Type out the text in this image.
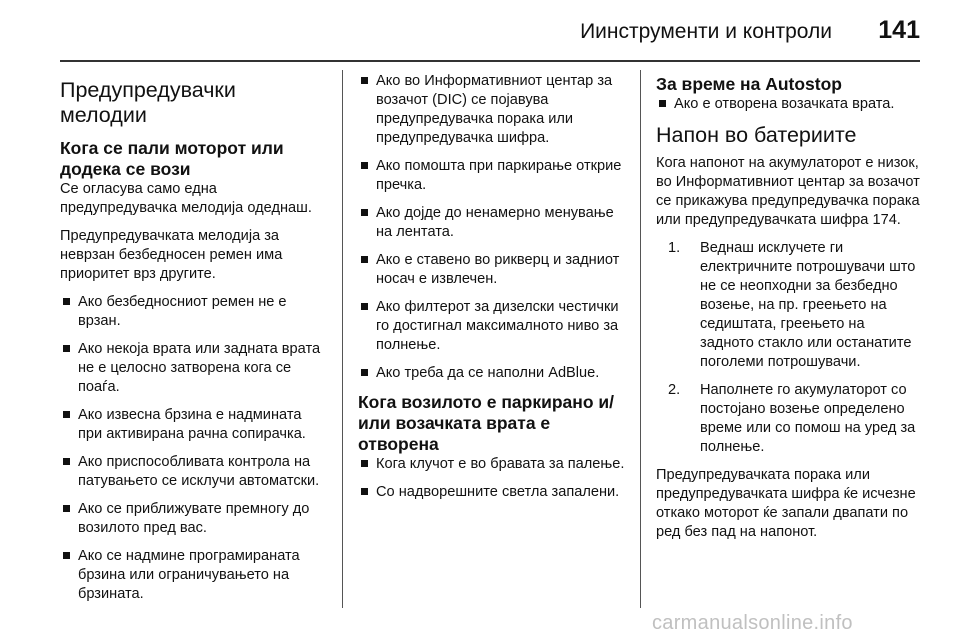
Иинструменти и контроли 141
Предупредувачки мелодии
Кога се пали моторот или додека се вози

Се огласува само една предупредувачка мелодија одеднаш.

Предупредувачката мелодија за неврзан безбедносен ремен има приоритет врз другите.

Ако безбедносниот ремен не е врзан.
Ако некоја врата или задната врата не е целосно затворена кога се поаѓа.
Ако извесна брзина е надмината при активирана рачна сопирачка.
Ако приспособливата контрола на патувањето се исклучи автоматски.
Ако се приближувате премногу до возилото пред вас.
Ако се надмине програмираната брзина или ограничувањето на брзината.
Ако во Информативниот центар за возачот (DIC) се појавува предупредувачка порака или предупредувачка шифра.
Ако помошта при паркирање открие пречка.
Ако дојде до ненамерно менување на лентата.
Ако е ставено во рикверц и задниот носач е извлечен.
Ако филтерот за дизелски честички го достигнал максималното ниво за полнење.
Ако треба да се наполни AdBlue.
Кога возилото е паркирано и/или возачката врата е отворена
Кога клучот е во бравата за палење.
Со надворешните светла запалени.
За време на Autostop
Ако е отворена возачката врата.
Напон во батериите

Кога напонот на акумулаторот е низок, во Информативниот центар за возачот се прикажува предупредувачка порака или предупредувачката шифра 174.

1. Веднаш исклучете ги електричните потрошувачи што не се неопходни за безбедно возење, на пр. греењето на седиштата, греењето на задното стакло или останатите поголеми потрошувачи.
2. Наполнете го акумулаторот со постојано возење определено време или со помош на уред за полнење.

Предупредувачката порака или предупредувачката шифра ќе исчезне откако моторот ќе запали двапати по ред без пад на напонот.

carmanualsonline.info
